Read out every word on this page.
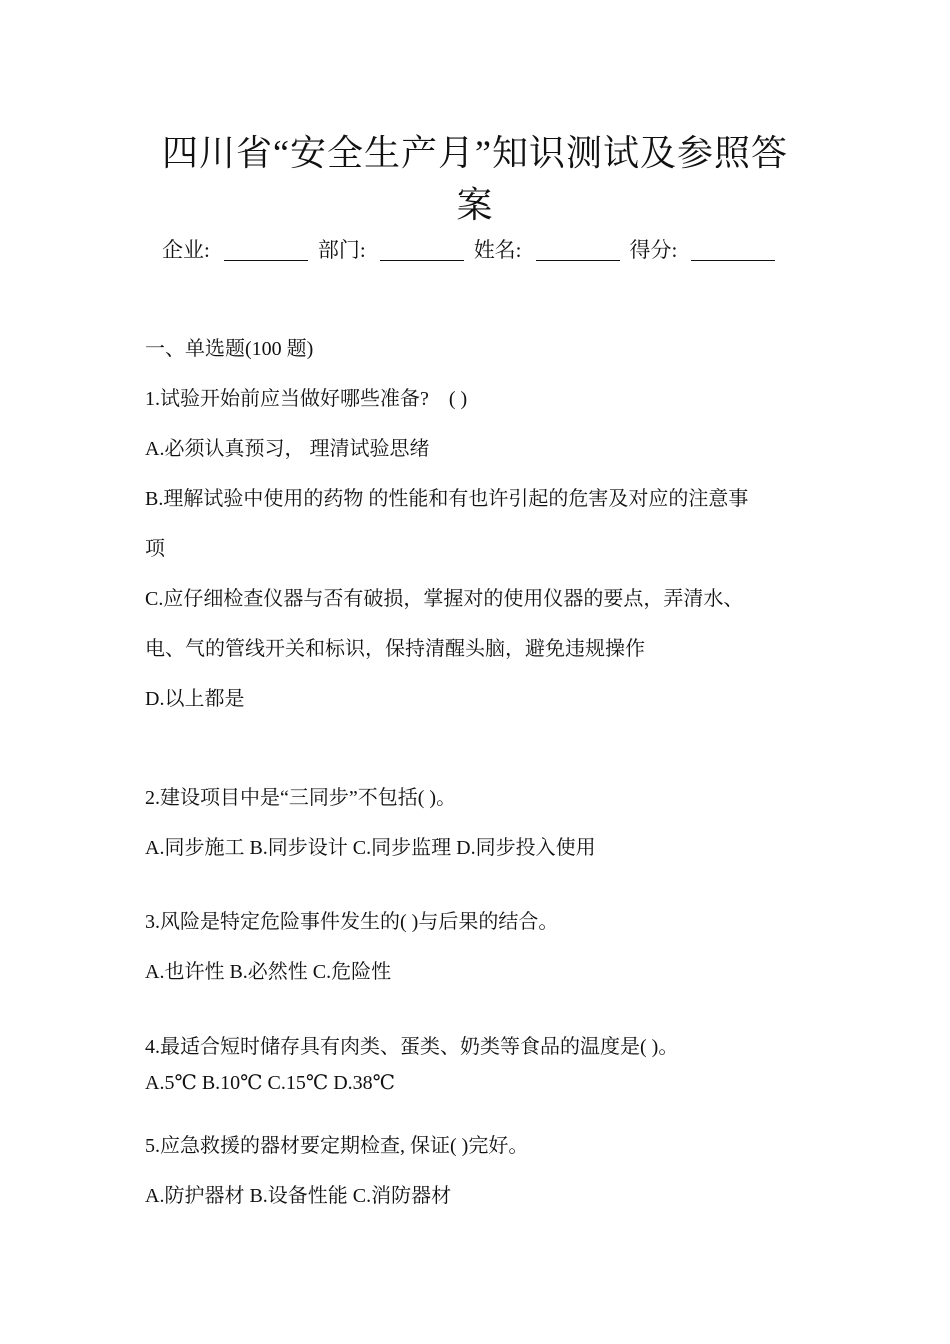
四川省“安全生产月”知识测试及参照答
案
企业:	部门:	姓名:	得分:
一、单选题(100 题)
1.试验开始前应当做好哪些准备?　( )
A.必须认真预习， 理清试验思绪
B.理解试验中使用的药物 的性能和有也许引起的危害及对应的注意事
项
C.应仔细检查仪器与否有破损，掌握对的使用仪器的要点，弄清水、
电、气的管线开关和标识，保持清醒头脑，避免违规操作
D.以上都是
2.建设项目中是“三同步”不包括( )。
A.同步施工 B.同步设计 C.同步监理 D.同步投入使用
3.风险是特定危险事件发生的( )与后果的结合。
A.也许性 B.必然性 C.危险性
4.最适合短时储存具有肉类、蛋类、奶类等食品的温度是( )。
A.5℃ B.10℃ C.15℃ D.38℃
5.应急救援的器材要定期检查, 保证( )完好。
A.防护器材 B.设备性能 C.消防器材
